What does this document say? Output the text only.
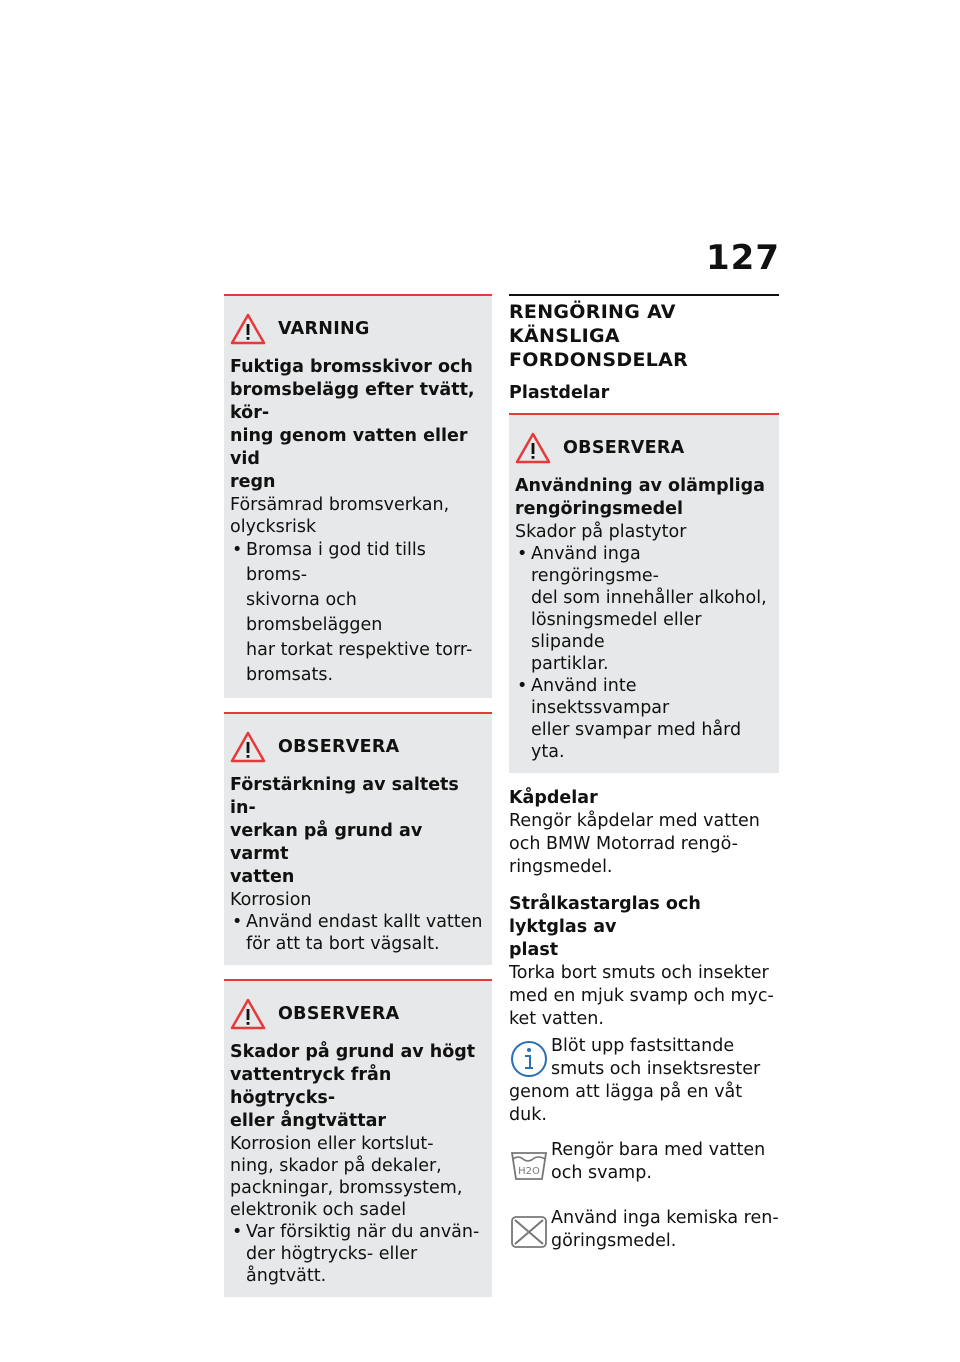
127
VARNING
Fuktiga bromsskivor och
bromsbelägg efter tvätt, kör-
ning genom vatten eller vid
regn
Försämrad bromsverkan,
olycksrisk
• Bromsa i god tid tills broms-
skivorna och bromsbeläggen
har torkat respektive torr-
bromsats.
OBSERVERA
Förstärkning av saltets in-
verkan på grund av varmt
vatten
Korrosion
• Använd endast kallt vatten
för att ta bort vägsalt.
OBSERVERA
Skador på grund av högt
vattentryck från högtrycks-
eller ångtvättar
Korrosion eller kortslut-
ning, skador på dekaler,
packningar, bromssystem,
elektronik och sadel
• Var försiktig när du använ-
der högtrycks- eller ångtvätt.
RENGÖRING AV KÄNSLIGA
FORDONSDELAR
Plastdelar
OBSERVERA
Användning av olämpliga
rengöringsmedel
Skador på plastytor
• Använd inga rengöringsme-
del som innehåller alkohol,
lösningsmedel eller slipande
partiklar.
• Använd inte insektssvampar
eller svampar med hård yta.
Kåpdelar
Rengör kåpdelar med vatten
och BMW Motorrad rengö-
ringsmedel.
Strålkastarglas och lyktglas av
plast
Torka bort smuts och insekter
med en mjuk svamp och myc-
ket vatten.
Blöt upp fastsittande
smuts och insektsrester
genom att lägga på en våt duk.
H2O
Rengör bara med vatten
och svamp.
Använd inga kemiska ren-
göringsmedel.
